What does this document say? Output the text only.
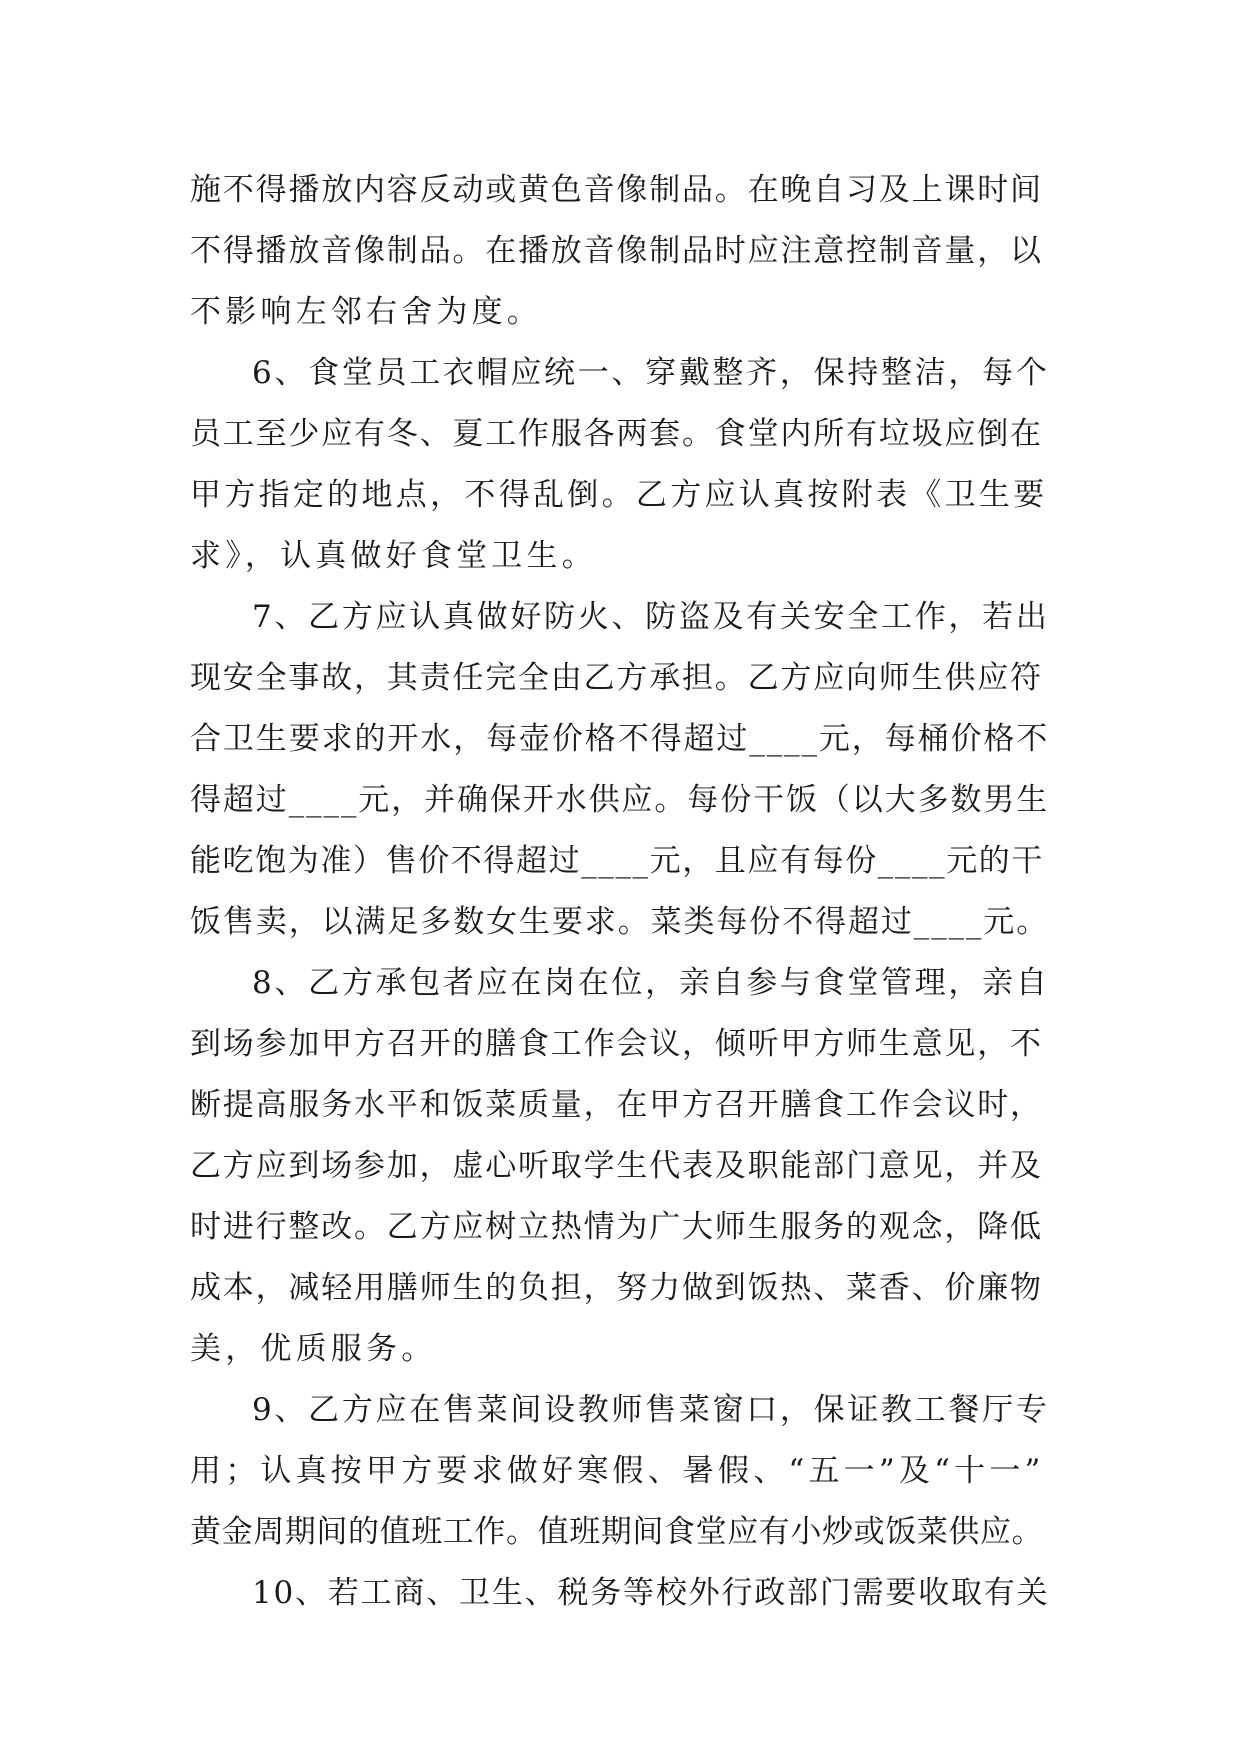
施不得播放内容反动或黄色音像制品。在晚自习及上课时间
不得播放音像制品。在播放音像制品时应注意控制音量，以
不影响左邻右舍为度。
6、食堂员工衣帽应统一、穿戴整齐，保持整洁，每个
员工至少应有冬、夏工作服各两套。食堂内所有垃圾应倒在
甲方指定的地点，不得乱倒。乙方应认真按附表《卫生要
求》，认真做好食堂卫生。
7、乙方应认真做好防火、防盗及有关安全工作，若出
现安全事故，其责任完全由乙方承担。乙方应向师生供应符
合卫生要求的开水，每壶价格不得超过____元，每桶价格不
得超过____元，并确保开水供应。每份干饭（以大多数男生
能吃饱为准）售价不得超过____元，且应有每份____元的干
饭售卖，以满足多数女生要求。菜类每份不得超过____元。
8、乙方承包者应在岗在位，亲自参与食堂管理，亲自
到场参加甲方召开的膳食工作会议，倾听甲方师生意见，不
断提高服务水平和饭菜质量，在甲方召开膳食工作会议时，
乙方应到场参加，虚心听取学生代表及职能部门意见，并及
时进行整改。乙方应树立热情为广大师生服务的观念，降低
成本，减轻用膳师生的负担，努力做到饭热、菜香、价廉物
美，优质服务。
9、乙方应在售菜间设教师售菜窗口，保证教工餐厅专
用；认真按甲方要求做好寒假、暑假、“五一”及“十一”
黄金周期间的值班工作。值班期间食堂应有小炒或饭菜供应。
10、若工商、卫生、税务等校外行政部门需要收取有关
